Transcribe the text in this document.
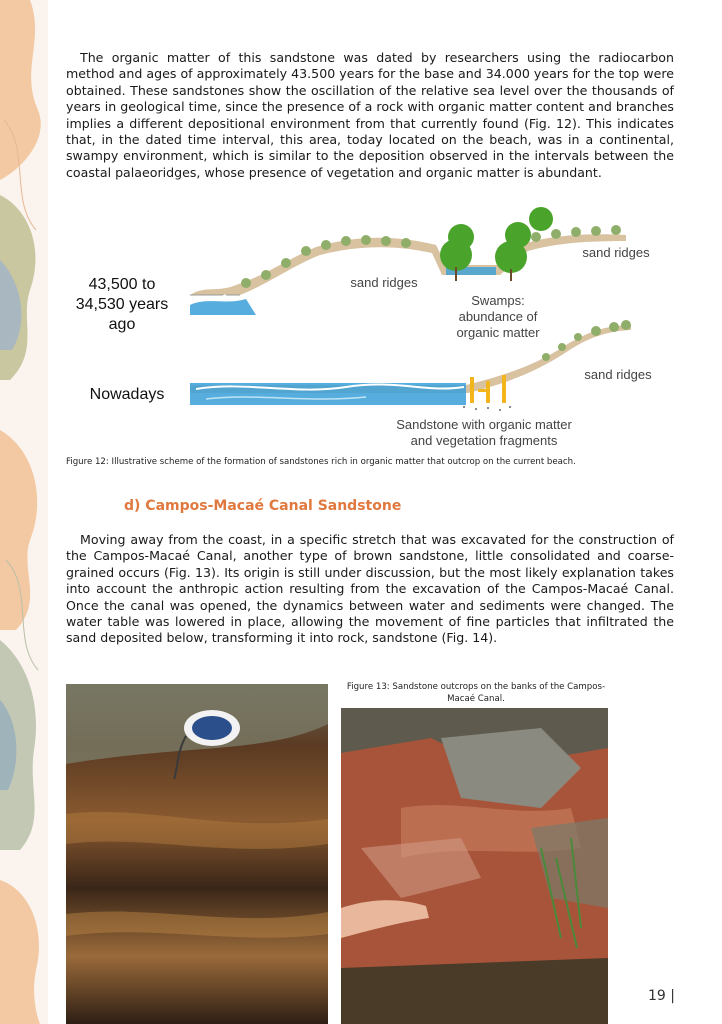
The organic matter of this sandstone was dated by researchers using the radiocarbon method and ages of approximately 43.500 years for the base and 34.000 years for the top were obtained. These sandstones show the oscillation of the relative sea level over the thousands of years in geological time, since the presence of a rock with organic matter content and branches implies a different depositional environment from that currently found (Fig. 12). This indicates that, in the dated time interval, this area, today located on the beach, was in a continental, swampy environment, which is similar to the deposition observed in the intervals between the coastal palaeoridges, whose presence of vegetation and organic matter is abundant.

43,500 to 34,530 years ago

Nowadays

sand ridges

sand ridges

sand ridges

Swamps: abundance of organic matter

Sandstone with organic matter and vegetation fragments

Figure 12: Illustrative scheme of the formation of sandstones rich in organic matter that outcrop on the current beach.

d) Campos-Macaé Canal Sandstone

Moving away from the coast, in a specific stretch that was excavated for the construction of the Campos-Macaé Canal, another type of brown sandstone, little consolidated and coarse-grained occurs (Fig. 13). Its origin is still under discussion, but the most likely explanation takes into account the anthropic action resulting from the excavation of the Campos-Macaé Canal. Once the canal was opened, the dynamics between water and sediments were changed. The water table was lowered in place, allowing the movement of fine particles that infiltrated the sand deposited below, transforming it into rock, sandstone (Fig. 14).

Figure 13: Sandstone outcrops on the banks of the Campos-Macaé Canal.

19 |
